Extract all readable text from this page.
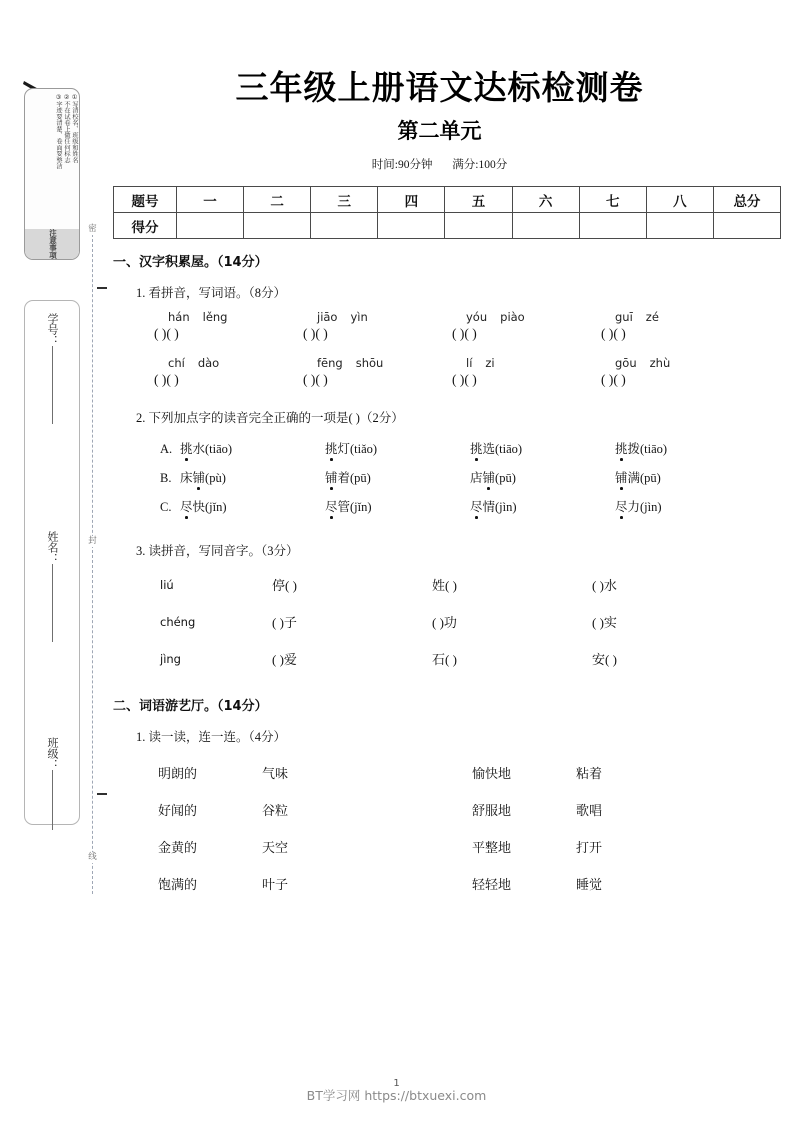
①写清校名、班级和姓名
②不在试卷上做任何标志
③字迹要清楚、卷面要整洁
注意事项
学号：
姓名：
班级：
密
封
线
三年级上册语文达标检测卷
第二单元
时间:90分钟 满分:100分
题号	一	二	三	四	五	六	七	八	总分
得分									
一、汉字积累屋。（14分）
1. 看拼音，写词语。（8分）
hán lěng	jiāo yìn	yóu piào	guī zé
( )( )	( )( )	( )( )	( )( )
chí dào	fēng shōu	lí zi	gōu zhù
( )( )	( )( )	( )( )	( )( )
2. 下列加点字的读音完全正确的一项是( )（2分）
A.	挑水(tiāo)	挑灯(tiǎo)	挑选(tiāo)	挑拨(tiāo)
B.	床铺(pù)	铺着(pū)	店铺(pū)	铺满(pū)
C.	尽快(jǐn)	尽管(jǐn)	尽情(jìn)	尽力(jìn)
3. 读拼音，写同音字。（3分）
liú	停( )	姓( )	( )水
chéng	( )子	( )功	( )实
jìng	( )爱	石( )	安( )
二、词语游艺厅。（14分）
1. 读一读，连一连。（4分）
明朗的
好闻的
金黄的
饱满的
气味
谷粒
天空
叶子
愉快地
舒服地
平整地
轻轻地
粘着
歌唱
打开
睡觉
1
BT学习网 https://btxuexi.com
